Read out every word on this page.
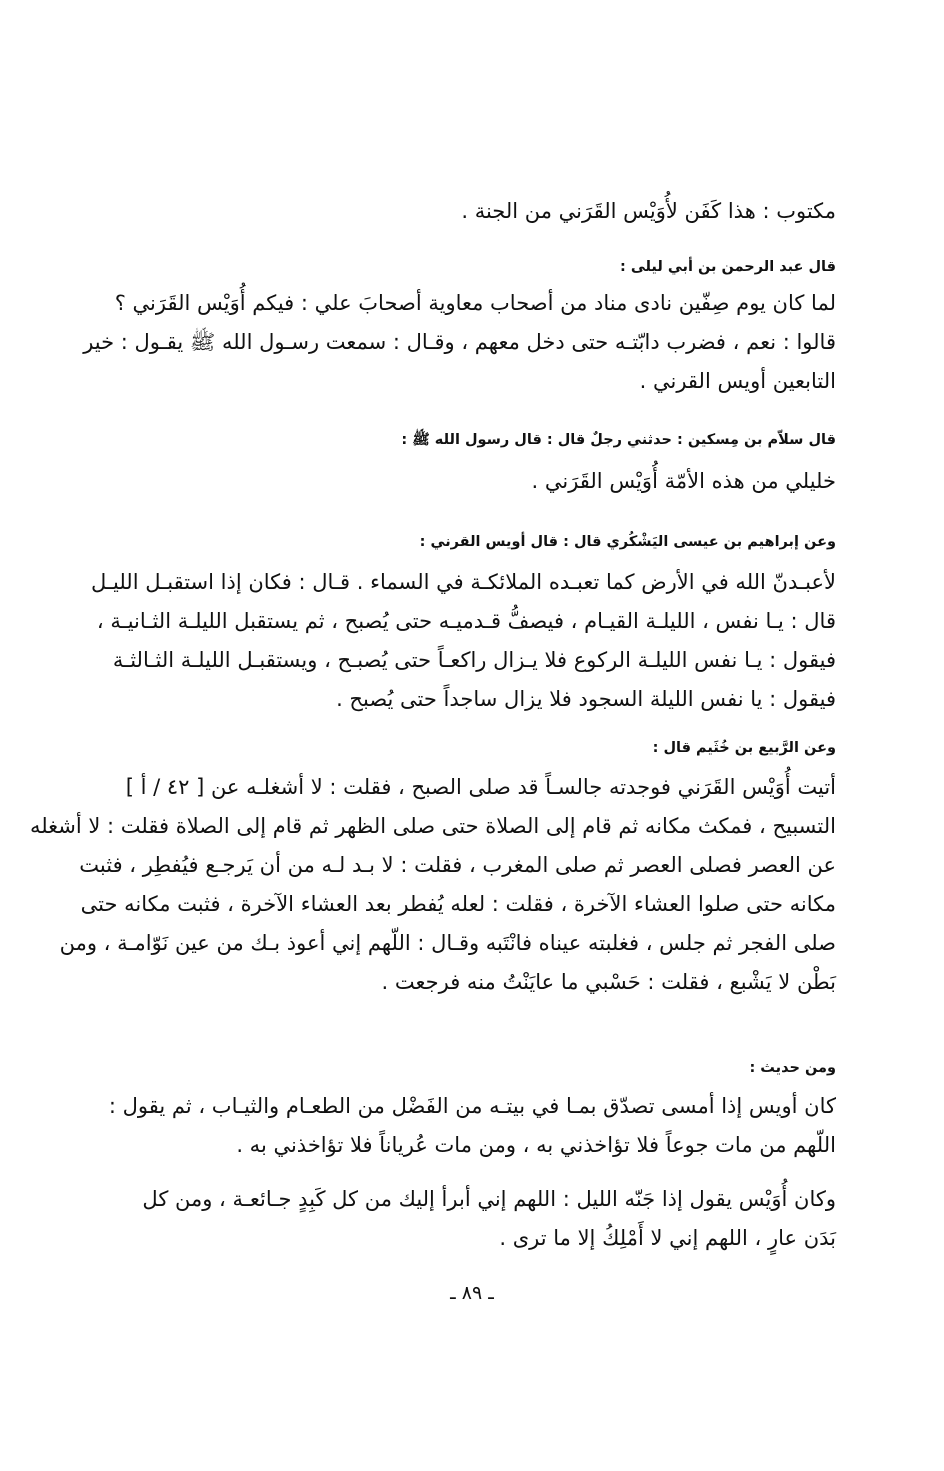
مكتوب : هذا كَفَن لأُوَيْس القَرَني من الجنة .
قال عبد الرحمن بن أبي ليلى :
لما كان يوم صِفّين نادى مناد من أصحاب معاوية أصحابَ علي : فيكم أُوَيْس القَرَني ؟
قالوا : نعم ، فضرب دابّتـه حتى دخل معهم ، وقـال : سمعت رسـول الله ﷺ يقـول : خير
التابعين أويس القرني .
قال سلاّم بن مِسكين : حدثني رجلٌ قال : قال رسول الله ﷺ :
خليلي من هذه الأمّة أُوَيْس القَرَني .
وعن إبراهيم بن عيسى اليَشْكُري قال : قال أويس القرني :
لأعبـدنّ الله في الأرض كما تعبـده الملائكـة في السماء . قـال : فكان إذا استقبـل الليـل
قال : يـا نفس ، الليلـة القيـام ، فيصفُّ قـدميـه حتى يُصبح ، ثم يستقبل الليلـة الثـانيـة ،
فيقول : يـا نفس الليلـة الركوع فلا يـزال راكعـاً حتى يُصبـح ، ويستقبـل الليلـة الثـالثـة
فيقول : يا نفس الليلة السجود فلا يزال ساجداً حتى يُصبح .
وعن الرَّبيع بن خُثَيم قال :
أتيت أُوَيْس القَرَني فوجدته جالسـاً قد صلى الصبح ، فقلت : لا أشغلـه عن [ ٤٢ / أ ]
التسبيح ، فمكث مكانه ثم قام إلى الصلاة حتى صلى الظهر ثم قام إلى الصلاة فقلت : لا أشغله
عن العصر فصلى العصر ثم صلى المغرب ، فقلت : لا بـد لـه من أن يَرجـع فيُفطِر ، فثبت
مكانه حتى صلوا العشاء الآخرة ، فقلت : لعله يُفطر بعد العشاء الآخرة ، فثبت مكانه حتى
صلى الفجر ثم جلس ، فغلبته عيناه فانْتَبه وقـال : اللّهم إني أعوذ بـك من عين نَوّامـة ، ومن
بَطْن لا يَشْبع ، فقلت : حَسْبي ما عايَنْتُ منه فرجعت .
ومن حديث :
كان أويس إذا أمسى تصدّق بمـا في بيتـه من الفَضْل من الطعـام والثيـاب ، ثم يقول :
اللّهم من مات جوعاً فلا تؤاخذني به ، ومن مات عُرياناً فلا تؤاخذني به .
وكان أُوَيْس يقول إذا جَنّه الليل : اللهم إني أبرأ إليك من كل كَبِدٍ جـائعـة ، ومن كل
بَدَن عارٍ ، اللهم إني لا أَمْلِكُ إلا ما ترى .
ـ ٨٩ ـ
